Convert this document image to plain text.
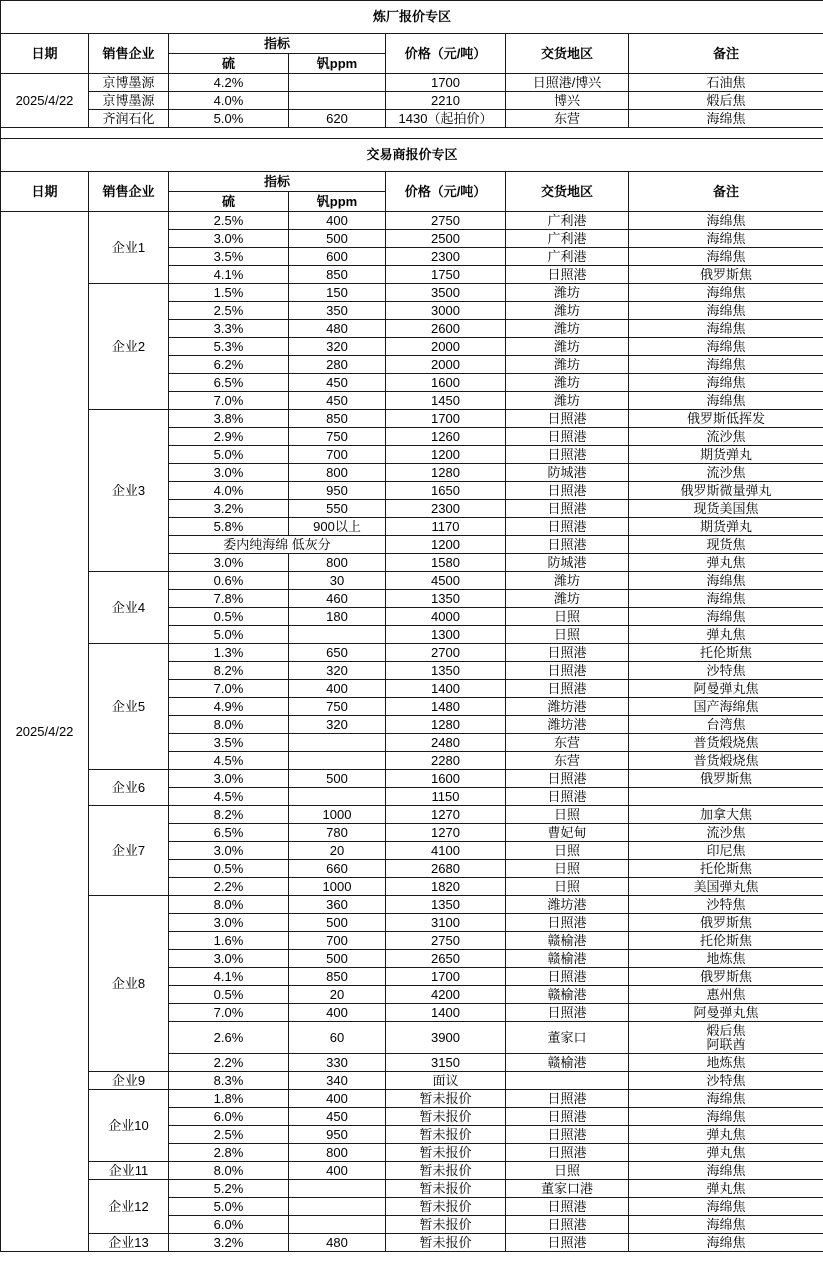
炼厂报价专区						
日期	销售企业	指标		价格（元/吨）	交货地区	备注
		硫	钒ppm			
2025/4/22	京博墨源	4.2%		1700	日照港/博兴	石油焦
	京博墨源	4.0%		2210	博兴	煅后焦
	齐润石化	5.0%	620	1430（起拍价）	东营	海绵焦

交易商报价专区						
日期	销售企业	指标		价格（元/吨）	交货地区	备注
		硫	钒ppm			
2025/4/22	企业1	2.5%	400	2750	广利港	海绵焦
		3.0%	500	2500	广利港	海绵焦
		3.5%	600	2300	广利港	海绵焦
		4.1%	850	1750	日照港	俄罗斯焦
	企业2	1.5%	150	3500	潍坊	海绵焦
		2.5%	350	3000	潍坊	海绵焦
		3.3%	480	2600	潍坊	海绵焦
		5.3%	320	2000	潍坊	海绵焦
		6.2%	280	2000	潍坊	海绵焦
		6.5%	450	1600	潍坊	海绵焦
		7.0%	450	1450	潍坊	海绵焦
	企业3	3.8%	850	1700	日照港	俄罗斯低挥发
		2.9%	750	1260	日照港	流沙焦
		5.0%	700	1200	日照港	期货弹丸
		3.0%	800	1280	防城港	流沙焦
		4.0%	950	1650	日照港	俄罗斯微量弹丸
		3.2%	550	2300	日照港	现货美国焦
		5.8%	900以上	1170	日照港	期货弹丸
		委内纯海绵 低灰分		1200	日照港	现货焦
		3.0%	800	1580	防城港	弹丸焦
	企业4	0.6%	30	4500	潍坊	海绵焦
		7.8%	460	1350	潍坊	海绵焦
		0.5%	180	4000	日照	海绵焦
		5.0%		1300	日照	弹丸焦
	企业5	1.3%	650	2700	日照港	托伦斯焦
		8.2%	320	1350	日照港	沙特焦
		7.0%	400	1400	日照港	阿曼弹丸焦
		4.9%	750	1480	潍坊港	国产海绵焦
		8.0%	320	1280	潍坊港	台湾焦
		3.5%		2480	东营	普货煅烧焦
		4.5%		2280	东营	普货煅烧焦
	企业6	3.0%	500	1600	日照港	俄罗斯焦
		4.5%		1150	日照港	
	企业7	8.2%	1000	1270	日照	加拿大焦
		6.5%	780	1270	曹妃甸	流沙焦
		3.0%	20	4100	日照	印尼焦
		0.5%	660	2680	日照	托伦斯焦
		2.2%	1000	1820	日照	美国弹丸焦
	企业8	8.0%	360	1350	潍坊港	沙特焦
		3.0%	500	3100	日照港	俄罗斯焦
		1.6%	700	2750	赣榆港	托伦斯焦
		3.0%	500	2650	赣榆港	地炼焦
		4.1%	850	1700	日照港	俄罗斯焦
		0.5%	20	4200	赣榆港	惠州焦
		7.0%	400	1400	日照港	阿曼弹丸焦
		2.6%	60	3900	董家口	煅后焦
阿联酋
		2.2%	330	3150	赣榆港	地炼焦
	企业9	8.3%	340	面议		沙特焦
	企业10	1.8%	400	暂未报价	日照港	海绵焦
		6.0%	450	暂未报价	日照港	海绵焦
		2.5%	950	暂未报价	日照港	弹丸焦
		2.8%	800	暂未报价	日照港	弹丸焦
	企业11	8.0%	400	暂未报价	日照	海绵焦
	企业12	5.2%		暂未报价	董家口港	弹丸焦
		5.0%		暂未报价	日照港	海绵焦
		6.0%		暂未报价	日照港	海绵焦
	企业13	3.2%	480	暂未报价	日照港	海绵焦
